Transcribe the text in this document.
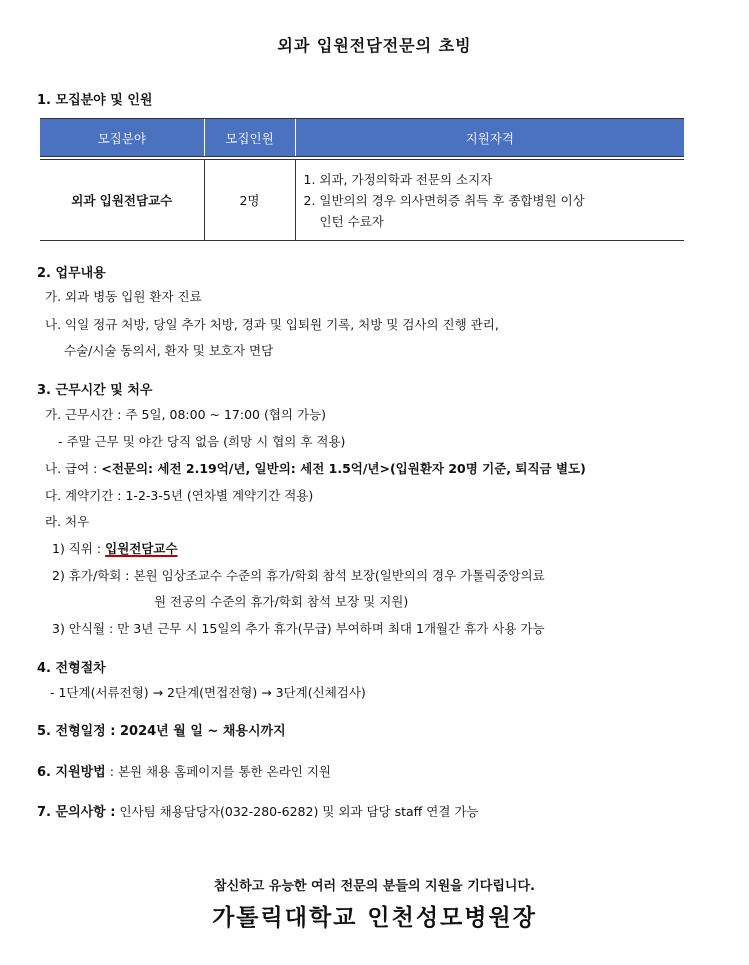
외과 입원전담전문의 초빙
1. 모집분야 및 인원
모집분야	모집인원	지원자격

외과 입원전담교수	2명	1. 외과, 가정의학과 전문의 소지자
2. 일반의의 경우 의사면허증 취득 후 종합병원 이상
인턴 수료자
2. 업무내용
가. 외과 병동 입원 환자 진료
나. 익일 정규 처방, 당일 추가 처방, 경과 및 입퇴원 기록, 처방 및 검사의 진행 관리,
수술/시술 동의서, 환자 및 보호자 면담
3. 근무시간 및 처우
가. 근무시간 : 주 5일, 08:00 ~ 17:00 (협의 가능)
- 주말 근무 및 야간 당직 없음 (희망 시 협의 후 적용)
나. 급여 : <전문의: 세전 2.19억/년, 일반의: 세전 1.5억/년>(입원환자 20명 기준, 퇴직금 별도)
다. 계약기간 : 1-2-3-5년 (연차별 계약기간 적용)
라. 처우
1) 직위 : 입원전담교수
2) 휴가/학회 : 본원 임상조교수 수준의 휴가/학회 참석 보장(일반의의 경우 가톨릭중앙의료
원 전공의 수준의 휴가/학회 참석 보장 및 지원)
3) 안식월 : 만 3년 근무 시 15일의 추가 휴가(무급) 부여하며 최대 1개월간 휴가 사용 가능
4. 전형절차
- 1단계(서류전형) → 2단계(면접전형) → 3단계(신체검사)
5. 전형일정 : 2024년 월 일 ~ 채용시까지
6. 지원방법 : 본원 채용 홈페이지를 통한 온라인 지원
7. 문의사항 : 인사팀 채용담당자(032-280-6282) 및 외과 담당 staff 연결 가능
참신하고 유능한 여러 전문의 분들의 지원을 기다립니다.
가톨릭대학교 인천성모병원장
